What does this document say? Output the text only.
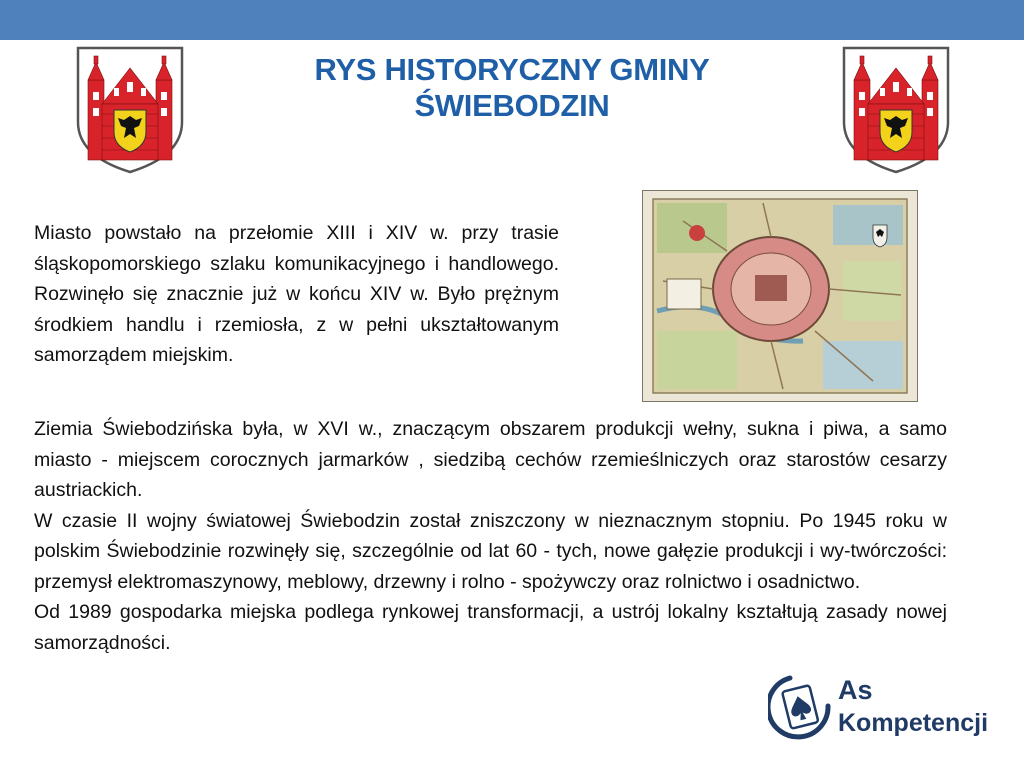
RYS HISTORYCZNY GMINY
ŚWIEBODZIN

Miasto powstało na przełomie XIII i XIV w. przy trasie śląskopomorskiego szlaku komunikacyjnego i handlowego. Rozwinęło się znacznie już w końcu XIV w. Było prężnym środkiem handlu i rzemiosła, z w pełni ukształtowanym samorządem miejskim.

Ziemia Świebodzińska była, w XVI w., znaczącym obszarem produkcji wełny, sukna i piwa, a samo miasto - miejscem corocznych jarmarków , siedzibą cechów rzemieślniczych oraz starostów cesarzy austriackich.

W czasie II wojny światowej Świebodzin został zniszczony w nieznacznym stopniu. Po 1945 roku w polskim Świebodzinie rozwinęły się, szczególnie od lat 60 - tych, nowe gałęzie produkcji i wy-twórczości: przemysł elektromaszynowy, meblowy, drzewny i rolno - spożywczy oraz rolnictwo i osadnictwo.

Od 1989 gospodarka miejska podlega rynkowej transformacji, a ustrój lokalny kształtują zasady nowej samorządności.

As
Kompetencji
